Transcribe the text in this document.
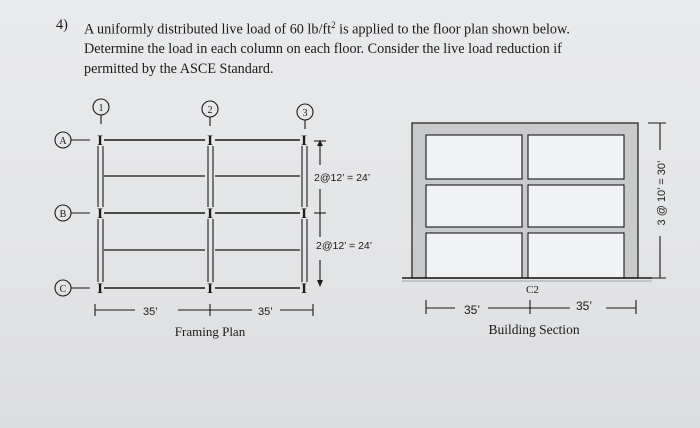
4) A uniformly distributed live load of 60 $lb/ft^2$ is applied to the floor plan shown below.
Determine the load in each column on each floor. Consider the live load reduction if
permitted by the ASCE Standard.
1	2	3
A
B
C
I	I	I
I	I	I
I	I	I
2@12’ = 24’
2@12’ = 24’
35’	35’
Framing Plan
C2
3 @ 10’ = 30’
35’	35’
Building Section
